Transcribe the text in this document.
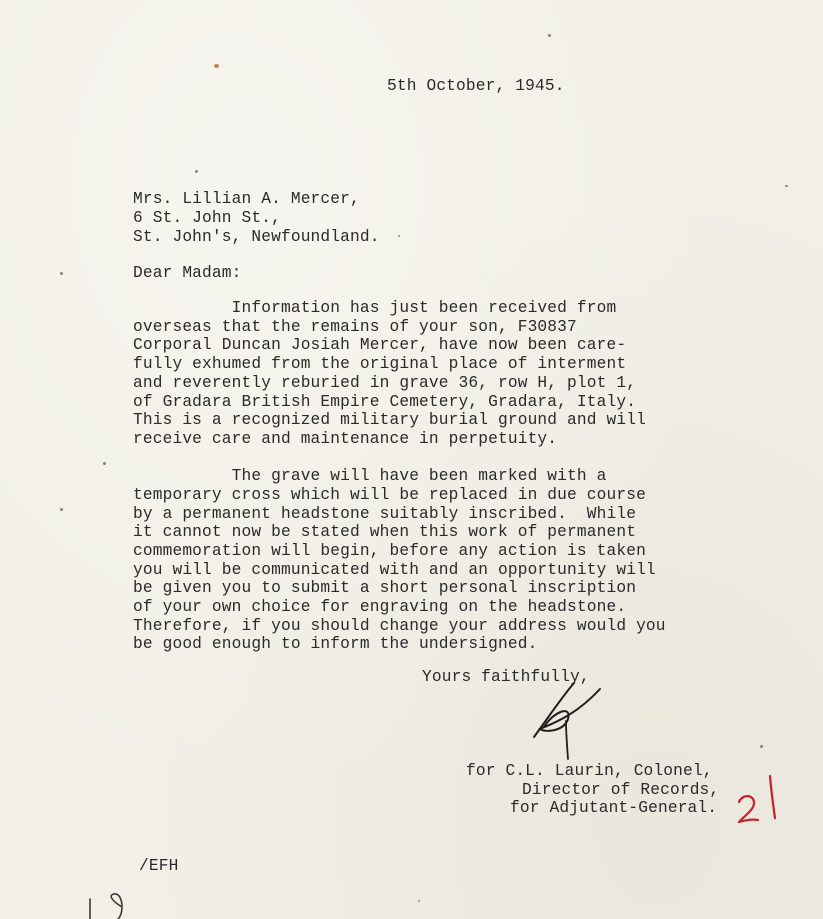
5th October, 1945.
Mrs. Lillian A. Mercer,
6 St. John St.,
St. John's, Newfoundland.
Dear Madam:
Information has just been received from
overseas that the remains of your son, F30837
Corporal Duncan Josiah Mercer, have now been care-
fully exhumed from the original place of interment
and reverently reburied in grave 36, row H, plot 1,
of Gradara British Empire Cemetery, Gradara, Italy.
This is a recognized military burial ground and will
receive care and maintenance in perpetuity.
The grave will have been marked with a
temporary cross which will be replaced in due course
by a permanent headstone suitably inscribed.  While
it cannot now be stated when this work of permanent
commemoration will begin, before any action is taken
you will be communicated with and an opportunity will
be given you to submit a short personal inscription
of your own choice for engraving on the headstone.
Therefore, if you should change your address would you
be good enough to inform the undersigned.
Yours faithfully,
for C.L. Laurin, Colonel,
Director of Records,
for Adjutant-General.
/EFH
